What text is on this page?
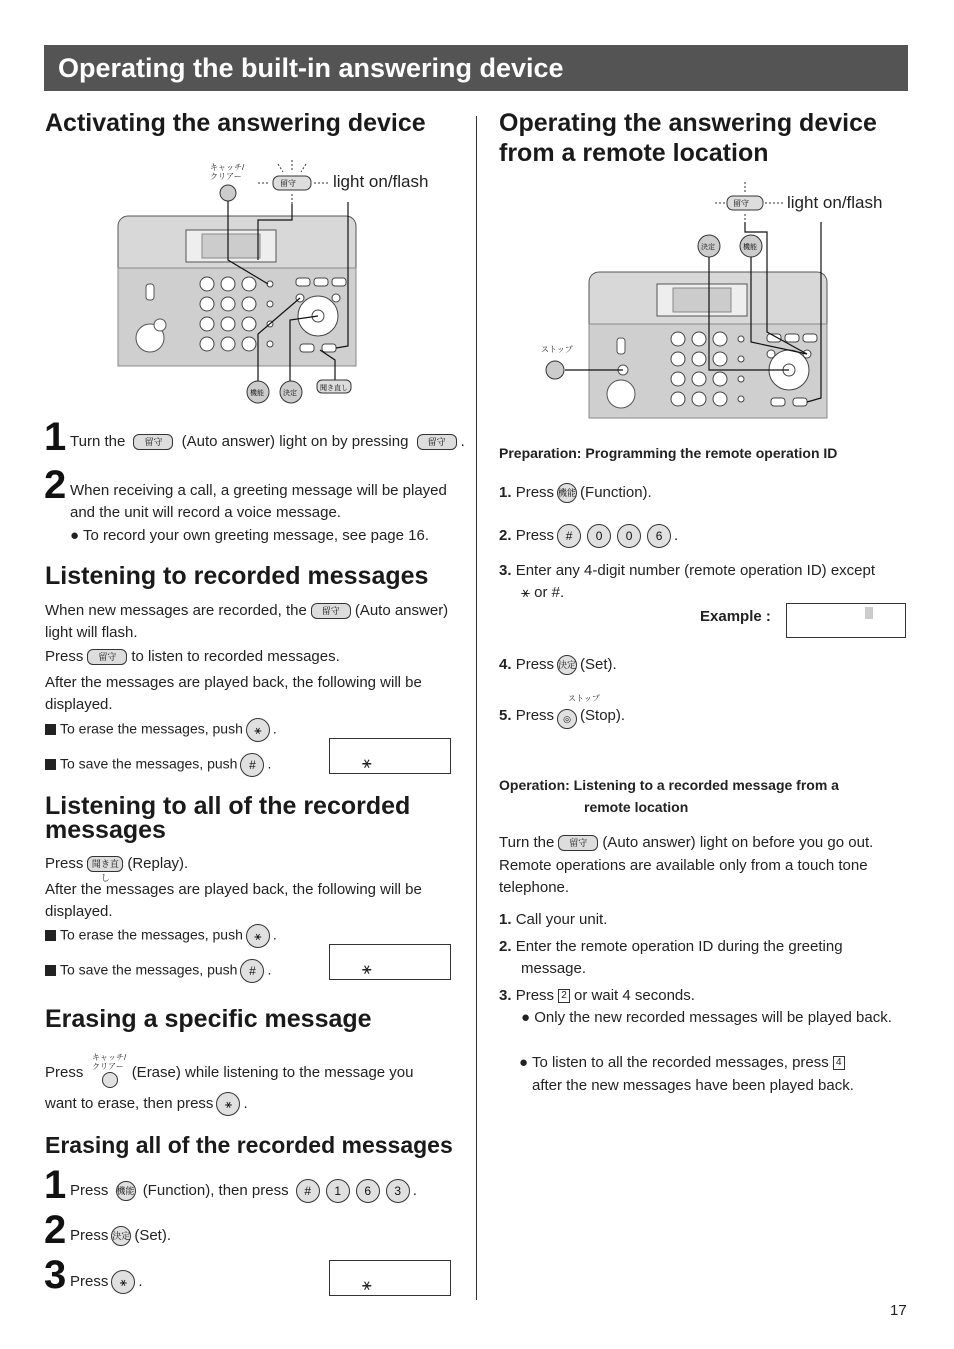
Operating the built-in answering device
Activating the answering device
留守
機能	決定
聞き直し
キャッチ/
クリアー	light on/flash
1 Turn the 留守 (Auto answer) light on by pressing 留守 .
2 When receiving a call, a greeting message will be played and the unit will record a voice message.
● To record your own greeting message, see page 16.
Listening to recorded messages
When new messages are recorded, the 留守 (Auto answer) light will flash.
Press 留守 to listen to recorded messages.
After the messages are played back, the following will be displayed.
To erase the messages, push ⚹ .
To save the messages, push # .	⚹
Listening to all of the recorded messages
Press 聞き直し(Replay).
After the messages are played back, the following will be displayed.
To erase the messages, push ⚹ .
To save the messages, push # .	⚹
Erasing a specific message
キャッチ/
クリアー
Press	(Erase) while listening to the message you
want to erase, then press ⚹ .
Erasing all of the recorded messages
1 Press 機能 (Function), then press # 1 6 3 .
2 Press 決定 (Set).
3 Press ⚹ .	⚹
Operating the answering device from a remote location
留守
決定	機能
light on/flash
ストップ
Preparation: Programming the remote operation ID
1. Press 機能 (Function).
2. Press # 0 0 6 .
3. Enter any 4-digit number (remote operation ID) except
⚹ or #.
Example :
4. Press 決定 (Set).
5. Press ◎ (Stop).
ストップ
Operation: Listening to a recorded message from a
remote location
Turn the 留守 (Auto answer) light on before you go out.
Remote operations are available only from a touch tone telephone.
1. Call your unit.
2. Enter the remote operation ID during the greeting message.
3. Press 2 or wait 4 seconds.
● Only the new recorded messages will be played back.
● To listen to all the recorded messages, press 4
after the new messages have been played back.
17
